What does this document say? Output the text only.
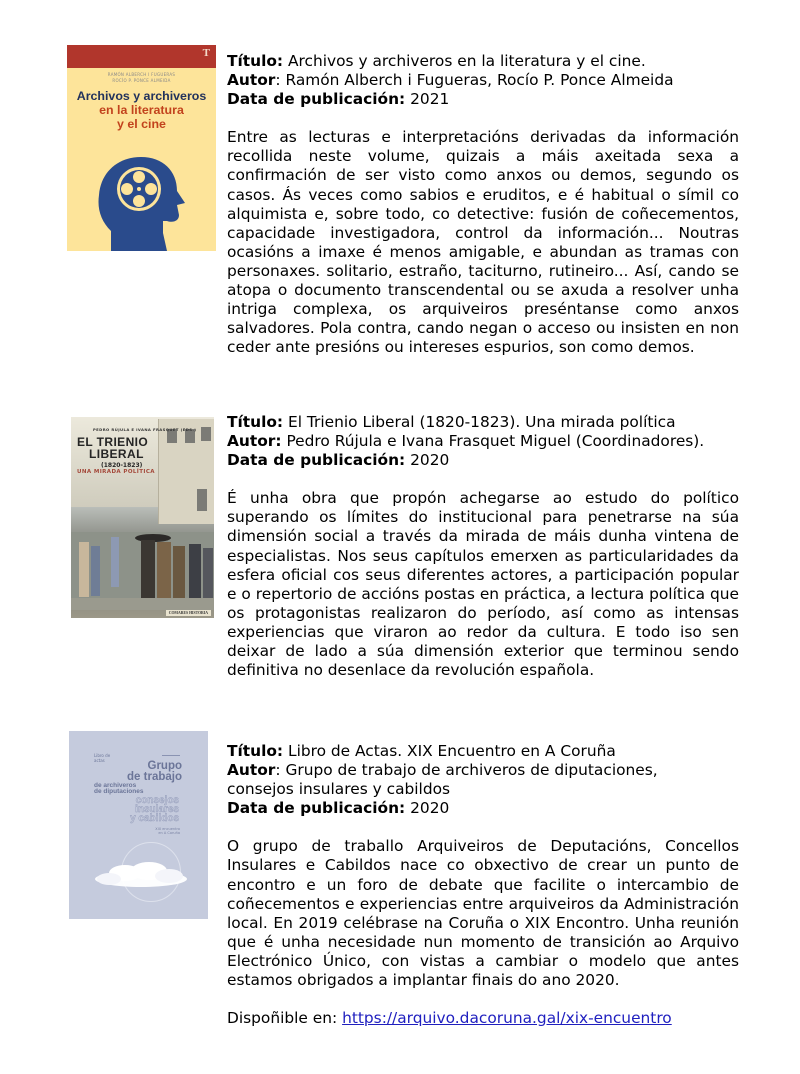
T
RAMÓN ALBERCH I FUGUERAS
ROCÍO P. PONCE ALMEIDA
Archivos y archiveros
en la literatura
y el cine
Título: Archivos y archiveros en la literatura y el cine.
Autor: Ramón Alberch i Fugueras, Rocío P. Ponce Almeida
Data de publicación: 2021
Entre as lecturas e interpretacións derivadas da información recollida neste volume, quizais a máis axeitada sexa a confirmación de ser visto como anxos ou demos, segundo os casos. Ás veces como sabios e eruditos, e é habitual o símil co alquimista e, sobre todo, co detective: fusión de coñecementos, capacidade investigadora, control da información... Noutras ocasións a imaxe é menos amigable, e abundan as tramas con personaxes. solitario, estraño, taciturno, rutineiro... Así, cando se atopa o documento transcendental ou se axuda a resolver unha intriga complexa, os arquiveiros preséntanse como anxos salvadores. Pola contra, cando negan o acceso ou insisten en non ceder ante presións ou intereses espurios, son como demos.
PEDRO RÚJULA E IVANA FRASQUET (EDS.)
EL TRIENIO
LIBERAL
(1820-1823)
UNA MIRADA POLÍTICA
COMARES HISTORIA
Título: El Trienio Liberal (1820-1823). Una mirada política
Autor: Pedro Rújula e Ivana Frasquet Miguel (Coordinadores).
Data de publicación: 2020
É unha obra que propón achegarse ao estudo do político superando os límites do institucional para penetrarse na súa dimensión social a través da mirada de máis dunha vintena de especialistas. Nos seus capítulos emerxen as particularidades da esfera oficial cos seus diferentes actores, a participación popular e o repertorio de accións postas en práctica, a lectura política que os protagonistas realizaron do período, así como as intensas experiencias que viraron ao redor da cultura. E todo iso sen deixar de lado a súa dimensión exterior que terminou sendo definitiva no desenlace da revolución española.
Libro de
actas	Grupo
de trabajo
de archiveros
de diputaciones
consejos
insulares
y cabildos
XIX encuentro
en A Coruña
Título: Libro de Actas. XIX Encuentro en A Coruña
Autor: Grupo de trabajo de archiveros de diputaciones,
consejos insulares y cabildos
Data de publicación: 2020
O grupo de traballo Arquiveiros de Deputacións, Concellos Insulares e Cabildos nace co obxectivo de crear un punto de encontro e un foro de debate que facilite o intercambio de coñecementos e experiencias entre arquiveiros da Administración local. En 2019 celébrase na Coruña o XIX Encontro. Unha reunión que é unha necesidade nun momento de transición ao Arquivo Electrónico Único, con vistas a cambiar o modelo que antes estamos obrigados a implantar finais do ano 2020.
Dispoñible en: https://arquivo.dacoruna.gal/xix-encuentro
